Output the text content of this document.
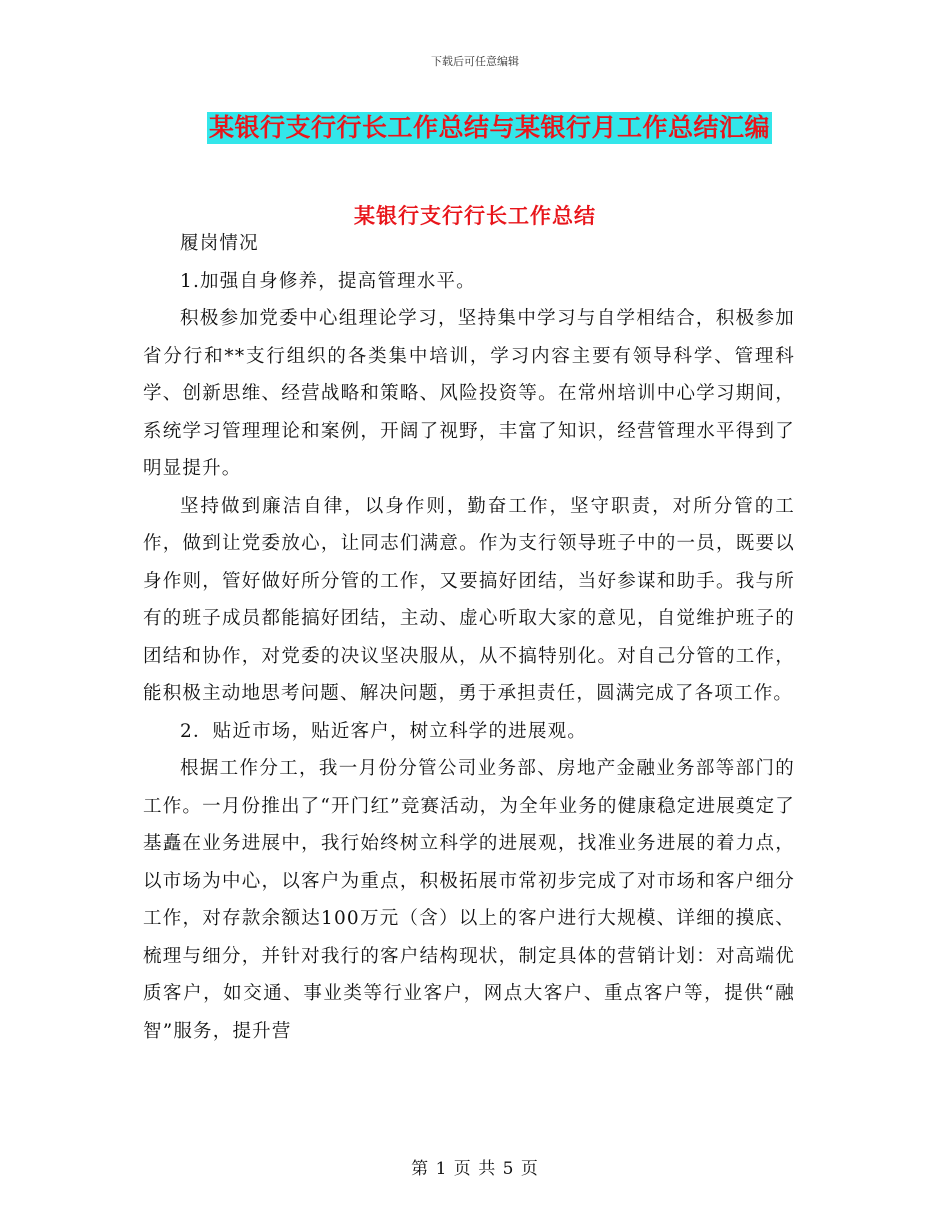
下载后可任意编辑
某银行支行行长工作总结与某银行月工作总结汇编
某银行支行行长工作总结

履岗情况

1.加强自身修养，提高管理水平。

积极参加党委中心组理论学习，坚持集中学习与自学相结合，积极参加省分行和**支行组织的各类集中培训，学习内容主要有领导科学、管理科学、创新思维、经营战略和策略、风险投资等。在常州培训中心学习期间，系统学习管理理论和案例，开阔了视野，丰富了知识，经营管理水平得到了明显提升。

坚持做到廉洁自律，以身作则，勤奋工作，坚守职责，对所分管的工作，做到让党委放心，让同志们满意。作为支行领导班子中的一员，既要以身作则，管好做好所分管的工作，又要搞好团结，当好参谋和助手。我与所有的班子成员都能搞好团结，主动、虚心听取大家的意见，自觉维护班子的团结和协作，对党委的决议坚决服从，从不搞特别化。对自己分管的工作，能积极主动地思考问题、解决问题，勇于承担责任，圆满完成了各项工作。

2．贴近市场，贴近客户，树立科学的进展观。

根据工作分工，我一月份分管公司业务部、房地产金融业务部等部门的工作。一月份推出了“开门红”竞赛活动，为全年业务的健康稳定进展奠定了基矗在业务进展中，我行始终树立科学的进展观，找准业务进展的着力点，以市场为中心，以客户为重点，积极拓展市常初步完成了对市场和客户细分工作，对存款余额达100万元（含）以上的客户进行大规模、详细的摸底、梳理与细分，并针对我行的客户结构现状，制定具体的营销计划：对高端优质客户，如交通、事业类等行业客户，网点大客户、重点客户等，提供“融智”服务，提升营

第 1 页 共 5 页
